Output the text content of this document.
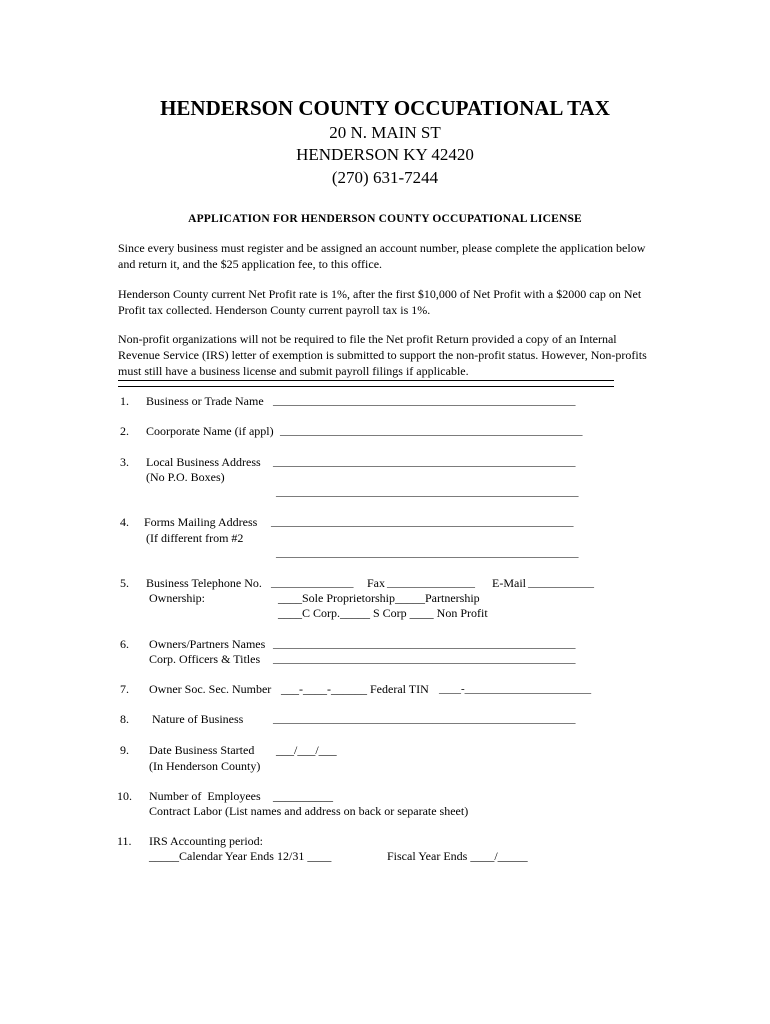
HENDERSON COUNTY OCCUPATIONAL TAX
20 N. MAIN ST
HENDERSON KY 42420
(270) 631-7244
APPLICATION FOR HENDERSON COUNTY OCCUPATIONAL LICENSE
Since every business must register and be assigned an account number, please complete the application below and return it, and the $25 application fee, to this office.
Henderson County current Net Profit rate is 1%, after the first $10,000 of Net Profit with a $2000 cap on Net Profit tax collected. Henderson County current payroll tax is 1%.
Non-profit organizations will not be required to file the Net profit Return provided a copy of an Internal Revenue Service (IRS) letter of exemption is submitted to support the non-profit status. However, Non-profits must still have a business license and submit payroll filings if applicable.
1. Business or Trade Name _______________________________________________________
2. Coorporate Name (if appl) _______________________________________________________
3. Local Business Address _______________________________________________________
(No P.O. Boxes)
_______________________________________________________
4. Forms Mailing Address _______________________________________________________
(If different from #2
_______________________________________________________
5. Business Telephone No. _______________ Fax ________________ E-Mail ____________
Ownership:	____Sole Proprietorship_____Partnership
____C Corp._____ S Corp ____ Non Profit
6. Owners/Partners Names _______________________________________________________
Corp. Officers & Titles _______________________________________________________
7. Owner Soc. Sec. Number ___-____-______ Federal TIN ____-_______________________
8. Nature of Business	_______________________________________________________
9. Date Business Started ___/___/___
(In Henderson County)
10. Number of  Employees __________
Contract Labor (List names and address on back or separate sheet)
11. IRS Accounting period:
_____Calendar Year Ends 12/31 ____	Fiscal Year Ends ____/_____
